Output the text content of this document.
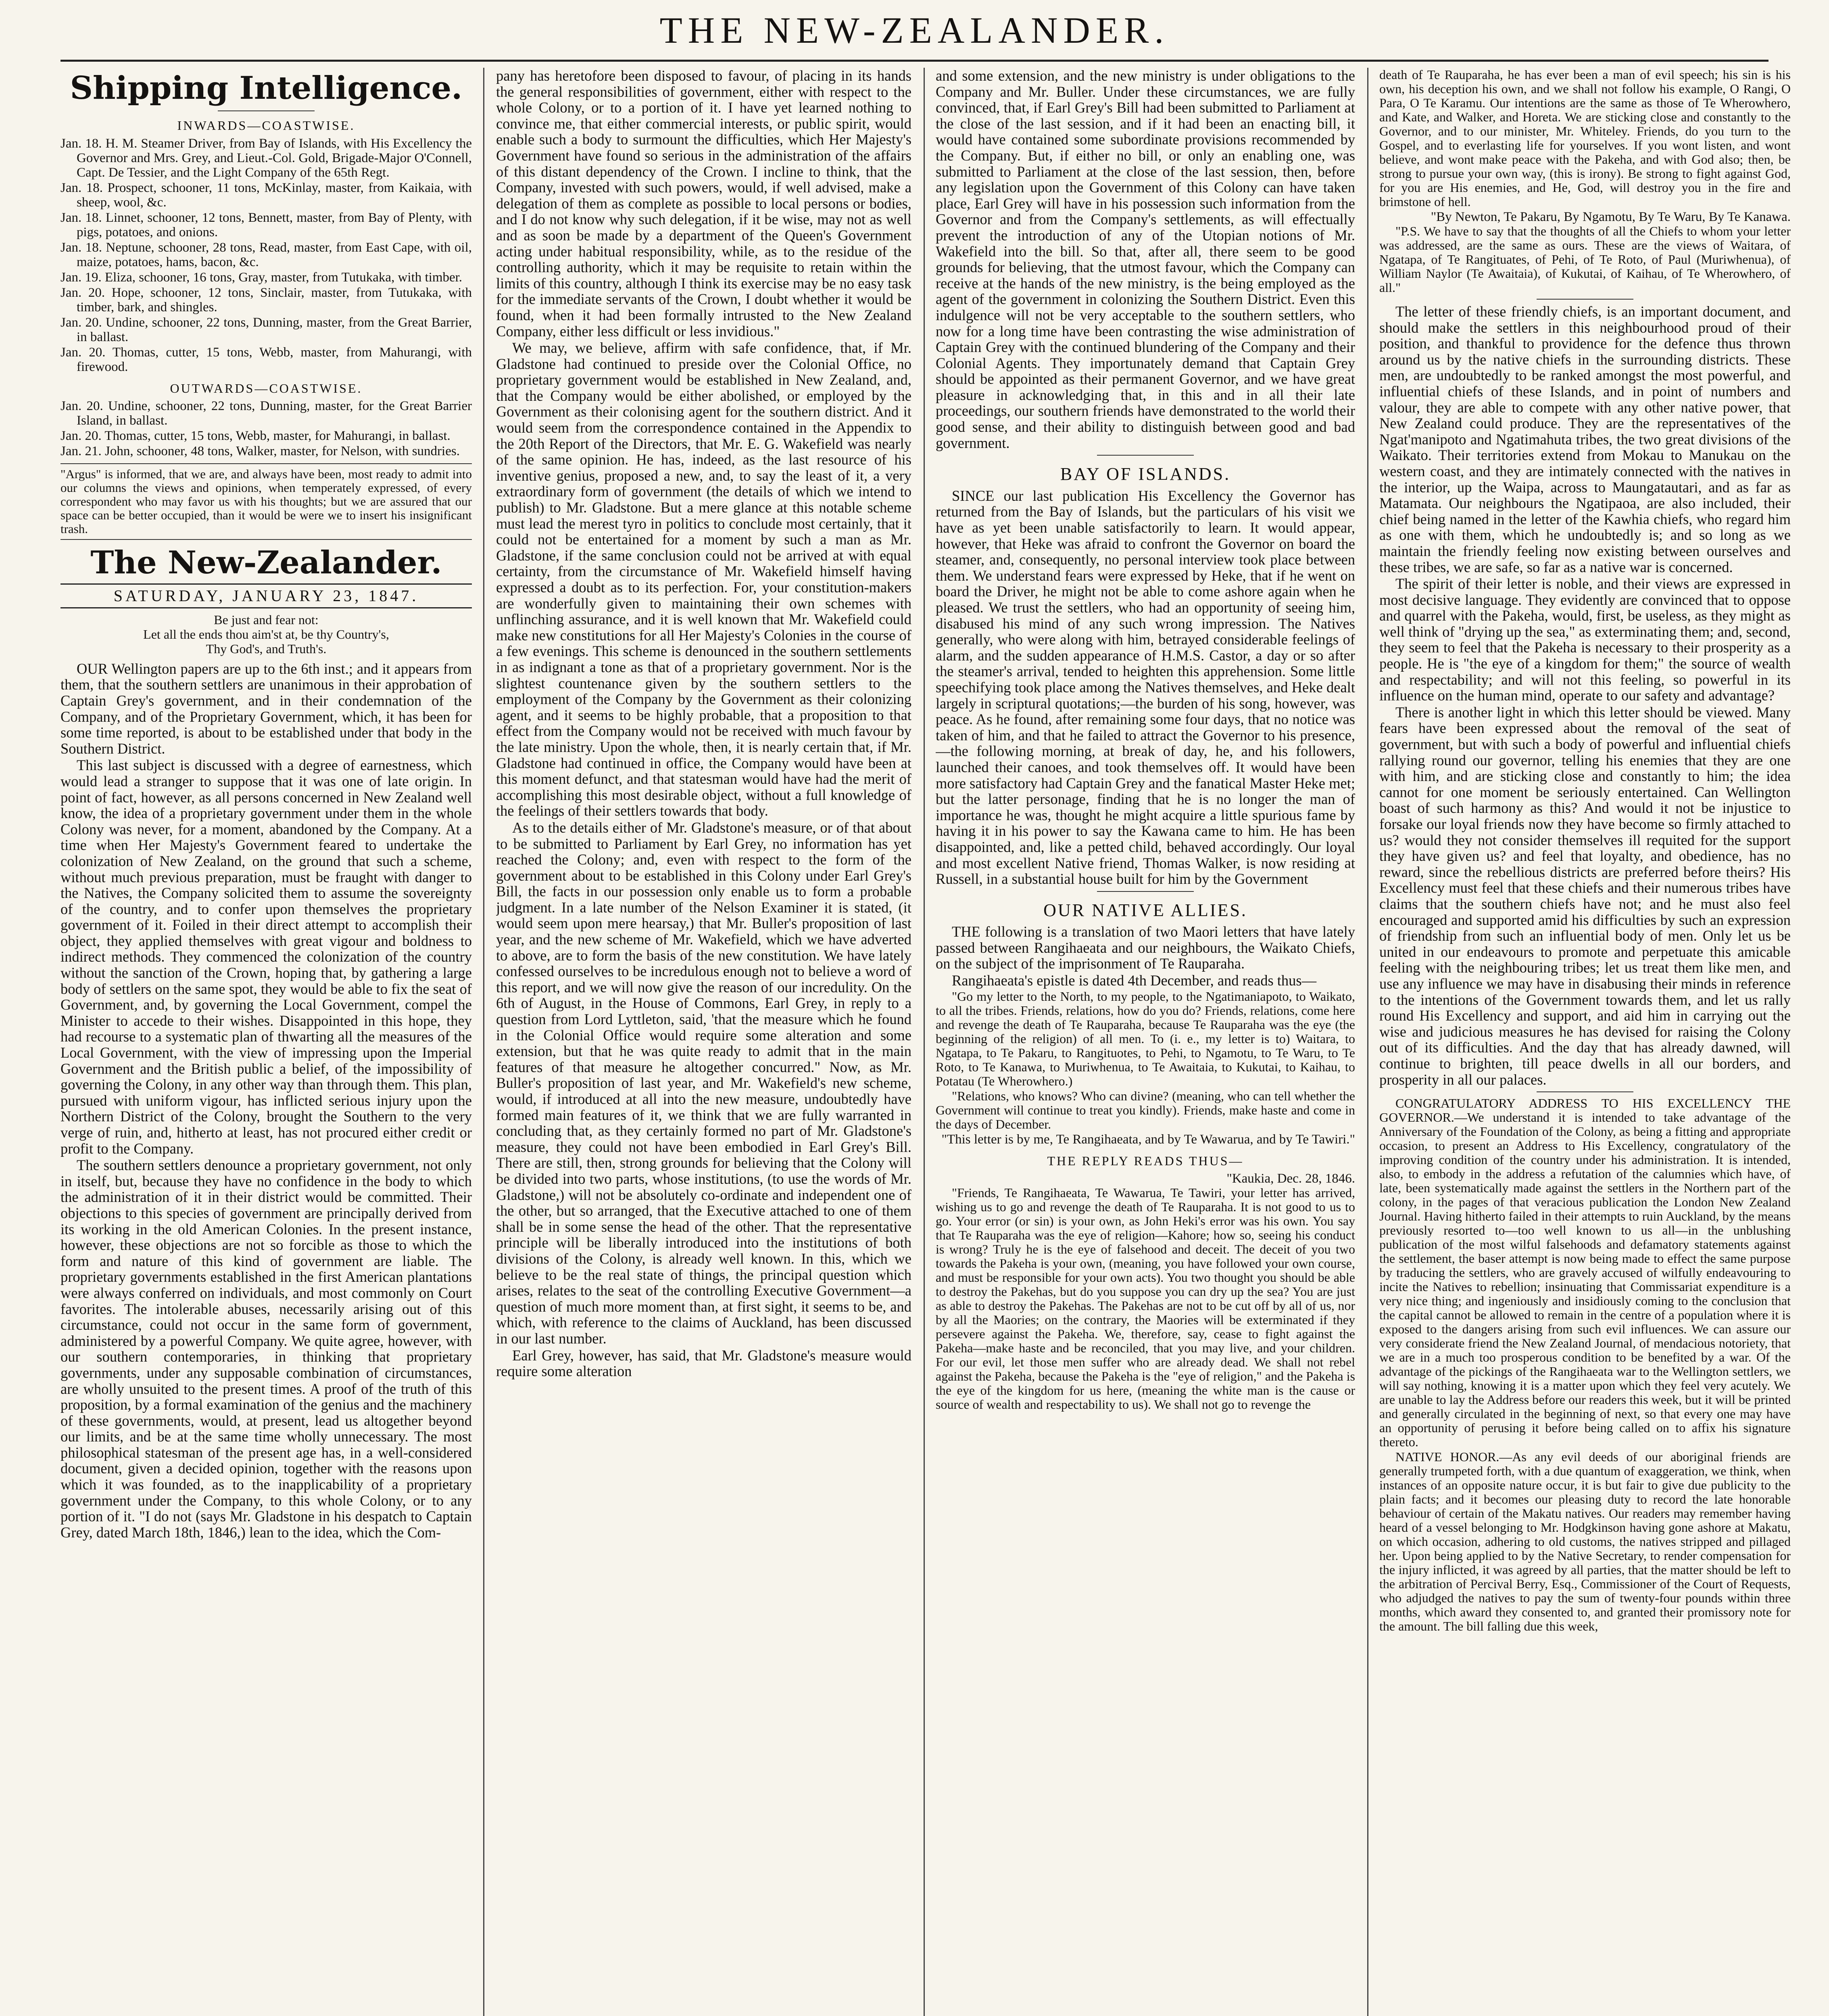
THE NEW-ZEALANDER.
Shipping Intelligence.
INWARDS—COASTWISE.

Jan. 18. H. M. Steamer Driver, from Bay of Islands, with His Excellency the Governor and Mrs. Grey, and Lieut.-Col. Gold, Brigade-Major O'Connell, Capt. De Tessier, and the Light Company of the 65th Regt.

Jan. 18. Prospect, schooner, 11 tons, McKinlay, master, from Kaikaia, with sheep, wool, &c.

Jan. 18. Linnet, schooner, 12 tons, Bennett, master, from Bay of Plenty, with pigs, potatoes, and onions.

Jan. 18. Neptune, schooner, 28 tons, Read, master, from East Cape, with oil, maize, potatoes, hams, bacon, &c.

Jan. 19. Eliza, schooner, 16 tons, Gray, master, from Tutukaka, with timber.

Jan. 20. Hope, schooner, 12 tons, Sinclair, master, from Tutukaka, with timber, bark, and shingles.

Jan. 20. Undine, schooner, 22 tons, Dunning, master, from the Great Barrier, in ballast.

Jan. 20. Thomas, cutter, 15 tons, Webb, master, from Mahurangi, with firewood.

OUTWARDS—COASTWISE.

Jan. 20. Undine, schooner, 22 tons, Dunning, master, for the Great Barrier Island, in ballast.

Jan. 20. Thomas, cutter, 15 tons, Webb, master, for Mahurangi, in ballast.

Jan. 21. John, schooner, 48 tons, Walker, master, for Nelson, with sundries.

"Argus" is informed, that we are, and always have been, most ready to admit into our columns the views and opinions, when temperately expressed, of every correspondent who may favor us with his thoughts; but we are assured that our space can be better occupied, than it would be were we to insert his insignificant trash.
The New-Zealander.
SATURDAY, JANUARY 23, 1847.
Be just and fear not:
Let all the ends thou aim'st at, be thy Country's,
Thy God's, and Truth's.

OUR Wellington papers are up to the 6th inst.; and it appears from them, that the southern settlers are unanimous in their approbation of Captain Grey's government, and in their condemnation of the Company, and of the Proprietary Government, which, it has been for some time reported, is about to be established under that body in the Southern District.

This last subject is discussed with a degree of earnestness, which would lead a stranger to suppose that it was one of late origin. In point of fact, however, as all persons concerned in New Zealand well know, the idea of a proprietary government under them in the whole Colony was never, for a moment, abandoned by the Company. At a time when Her Majesty's Government feared to undertake the colonization of New Zealand, on the ground that such a scheme, without much previous preparation, must be fraught with danger to the Natives, the Company solicited them to assume the sovereignty of the country, and to confer upon themselves the proprietary government of it. Foiled in their direct attempt to accomplish their object, they applied themselves with great vigour and boldness to indirect methods. They commenced the colonization of the country without the sanction of the Crown, hoping that, by gathering a large body of settlers on the same spot, they would be able to fix the seat of Government, and, by governing the Local Government, compel the Minister to accede to their wishes. Disappointed in this hope, they had recourse to a systematic plan of thwarting all the measures of the Local Government, with the view of impressing upon the Imperial Government and the British public a belief, of the impossibility of governing the Colony, in any other way than through them. This plan, pursued with uniform vigour, has inflicted serious injury upon the Northern District of the Colony, brought the Southern to the very verge of ruin, and, hitherto at least, has not procured either credit or profit to the Company.

The southern settlers denounce a proprietary government, not only in itself, but, because they have no confidence in the body to which the administration of it in their district would be committed. Their objections to this species of government are principally derived from its working in the old American Colonies. In the present instance, however, these objections are not so forcible as those to which the form and nature of this kind of government are liable. The proprietary governments established in the first American plantations were always conferred on individuals, and most commonly on Court favorites. The intolerable abuses, necessarily arising out of this circumstance, could not occur in the same form of government, administered by a powerful Company. We quite agree, however, with our southern contemporaries, in thinking that proprietary governments, under any supposable combination of circumstances, are wholly unsuited to the present times. A proof of the truth of this proposition, by a formal examination of the genius and the machinery of these governments, would, at present, lead us altogether beyond our limits, and be at the same time wholly unnecessary. The most philosophical statesman of the present age has, in a well-considered document, given a decided opinion, together with the reasons upon which it was founded, as to the inapplicability of a proprietary government under the Company, to this whole Colony, or to any portion of it. "I do not (says Mr. Gladstone in his despatch to Captain Grey, dated March 18th, 1846,) lean to the idea, which the Com-

pany has heretofore been disposed to favour, of placing in its hands the general responsibilities of government, either with respect to the whole Colony, or to a portion of it. I have yet learned nothing to convince me, that either commercial interests, or public spirit, would enable such a body to surmount the difficulties, which Her Majesty's Government have found so serious in the administration of the affairs of this distant dependency of the Crown. I incline to think, that the Company, invested with such powers, would, if well advised, make a delegation of them as complete as possible to local persons or bodies, and I do not know why such delegation, if it be wise, may not as well and as soon be made by a department of the Queen's Government acting under habitual responsibility, while, as to the residue of the controlling authority, which it may be requisite to retain within the limits of this country, although I think its exercise may be no easy task for the immediate servants of the Crown, I doubt whether it would be found, when it had been formally intrusted to the New Zealand Company, either less difficult or less invidious."

We may, we believe, affirm with safe confidence, that, if Mr. Gladstone had continued to preside over the Colonial Office, no proprietary government would be established in New Zealand, and, that the Company would be either abolished, or employed by the Government as their colonising agent for the southern district. And it would seem from the correspondence contained in the Appendix to the 20th Report of the Directors, that Mr. E. G. Wakefield was nearly of the same opinion. He has, indeed, as the last resource of his inventive genius, proposed a new, and, to say the least of it, a very extraordinary form of government (the details of which we intend to publish) to Mr. Gladstone. But a mere glance at this notable scheme must lead the merest tyro in politics to conclude most certainly, that it could not be entertained for a moment by such a man as Mr. Gladstone, if the same conclusion could not be arrived at with equal certainty, from the circumstance of Mr. Wakefield himself having expressed a doubt as to its perfection. For, your constitution-makers are wonderfully given to maintaining their own schemes with unflinching assurance, and it is well known that Mr. Wakefield could make new constitutions for all Her Majesty's Colonies in the course of a few evenings. This scheme is denounced in the southern settlements in as indignant a tone as that of a proprietary government. Nor is the slightest countenance given by the southern settlers to the employment of the Company by the Government as their colonizing agent, and it seems to be highly probable, that a proposition to that effect from the Company would not be received with much favour by the late ministry. Upon the whole, then, it is nearly certain that, if Mr. Gladstone had continued in office, the Company would have been at this moment defunct, and that statesman would have had the merit of accomplishing this most desirable object, without a full knowledge of the feelings of their settlers towards that body.

As to the details either of Mr. Gladstone's measure, or of that about to be submitted to Parliament by Earl Grey, no information has yet reached the Colony; and, even with respect to the form of the government about to be established in this Colony under Earl Grey's Bill, the facts in our possession only enable us to form a probable judgment. In a late number of the Nelson Examiner it is stated, (it would seem upon mere hearsay,) that Mr. Buller's proposition of last year, and the new scheme of Mr. Wakefield, which we have adverted to above, are to form the basis of the new constitution. We have lately confessed ourselves to be incredulous enough not to believe a word of this report, and we will now give the reason of our incredulity. On the 6th of August, in the House of Commons, Earl Grey, in reply to a question from Lord Lyttleton, said, 'that the measure which he found in the Colonial Office would require some alteration and some extension, but that he was quite ready to admit that in the main features of that measure he altogether concurred." Now, as Mr. Buller's proposition of last year, and Mr. Wakefield's new scheme, would, if introduced at all into the new measure, undoubtedly have formed main features of it, we think that we are fully warranted in concluding that, as they certainly formed no part of Mr. Gladstone's measure, they could not have been embodied in Earl Grey's Bill. There are still, then, strong grounds for believing that the Colony will be divided into two parts, whose institutions, (to use the words of Mr. Gladstone,) will not be absolutely co-ordinate and independent one of the other, but so arranged, that the Executive attached to one of them shall be in some sense the head of the other. That the representative principle will be liberally introduced into the institutions of both divisions of the Colony, is already well known. In this, which we believe to be the real state of things, the principal question which arises, relates to the seat of the controlling Executive Government—a question of much more moment than, at first sight, it seems to be, and which, with reference to the claims of Auckland, has been discussed in our last number.

Earl Grey, however, has said, that Mr. Gladstone's measure would require some alteration

and some extension, and the new ministry is under obligations to the Company and Mr. Buller. Under these circumstances, we are fully convinced, that, if Earl Grey's Bill had been submitted to Parliament at the close of the last session, and if it had been an enacting bill, it would have contained some subordinate provisions recommended by the Company. But, if either no bill, or only an enabling one, was submitted to Parliament at the close of the last session, then, before any legislation upon the Government of this Colony can have taken place, Earl Grey will have in his possession such information from the Governor and from the Company's settlements, as will effectually prevent the introduction of any of the Utopian notions of Mr. Wakefield into the bill. So that, after all, there seem to be good grounds for believing, that the utmost favour, which the Company can receive at the hands of the new ministry, is the being employed as the agent of the government in colonizing the Southern District. Even this indulgence will not be very acceptable to the southern settlers, who now for a long time have been contrasting the wise administration of Captain Grey with the continued blundering of the Company and their Colonial Agents. They importunately demand that Captain Grey should be appointed as their permanent Governor, and we have great pleasure in acknowledging that, in this and in all their late proceedings, our southern friends have demonstrated to the world their good sense, and their ability to distinguish between good and bad government.

BAY OF ISLANDS.

SINCE our last publication His Excellency the Governor has returned from the Bay of Islands, but the particulars of his visit we have as yet been unable satisfactorily to learn. It would appear, however, that Heke was afraid to confront the Governor on board the steamer, and, consequently, no personal interview took place between them. We understand fears were expressed by Heke, that if he went on board the Driver, he might not be able to come ashore again when he pleased. We trust the settlers, who had an opportunity of seeing him, disabused his mind of any such wrong impression. The Natives generally, who were along with him, betrayed considerable feelings of alarm, and the sudden appearance of H.M.S. Castor, a day or so after the steamer's arrival, tended to heighten this apprehension. Some little speechifying took place among the Natives themselves, and Heke dealt largely in scriptural quotations;—the burden of his song, however, was peace. As he found, after remaining some four days, that no notice was taken of him, and that he failed to attract the Governor to his presence,—the following morning, at break of day, he, and his followers, launched their canoes, and took themselves off. It would have been more satisfactory had Captain Grey and the fanatical Master Heke met; but the latter personage, finding that he is no longer the man of importance he was, thought he might acquire a little spurious fame by having it in his power to say the Kawana came to him. He has been disappointed, and, like a petted child, behaved accordingly. Our loyal and most excellent Native friend, Thomas Walker, is now residing at Russell, in a substantial house built for him by the Government

OUR NATIVE ALLIES.

THE following is a translation of two Maori letters that have lately passed between Rangihaeata and our neighbours, the Waikato Chiefs, on the subject of the imprisonment of Te Rauparaha.

Rangihaeata's epistle is dated 4th December, and reads thus—

"Go my letter to the North, to my people, to the Ngatimaniapoto, to Waikato, to all the tribes. Friends, relations, how do you do? Friends, relations, come here and revenge the death of Te Rauparaha, because Te Rauparaha was the eye (the beginning of the religion) of all men. To (i. e., my letter is to) Waitara, to Ngatapa, to Te Pakaru, to Rangituotes, to Pehi, to Ngamotu, to Te Waru, to Te Roto, to Te Kanawa, to Muriwhenua, to Te Awaitaia, to Kukutai, to Kaihau, to Potatau (Te Wherowhero.)

"Relations, who knows? Who can divine? (meaning, who can tell whether the Government will continue to treat you kindly). Friends, make haste and come in the days of December.

"This letter is by me, Te Rangihaeata, and by Te Wawarua, and by Te Tawiri."
THE REPLY READS THUS—
"Kaukia, Dec. 28, 1846.

"Friends, Te Rangihaeata, Te Wawarua, Te Tawiri, your letter has arrived, wishing us to go and revenge the death of Te Rauparaha. It is not good to us to go. Your error (or sin) is your own, as John Heki's error was his own. You say that Te Rauparaha was the eye of religion—Kahore; how so, seeing his conduct is wrong? Truly he is the eye of falsehood and deceit. The deceit of you two towards the Pakeha is your own, (meaning, you have followed your own course, and must be responsible for your own acts). You two thought you should be able to destroy the Pakehas, but do you suppose you can dry up the sea? You are just as able to destroy the Pakehas. The Pakehas are not to be cut off by all of us, nor by all the Maories; on the contrary, the Maories will be exterminated if they persevere against the Pakeha. We, therefore, say, cease to fight against the Pakeha—make haste and be reconciled, that you may live, and your children. For our evil, let those men suffer who are already dead. We shall not rebel against the Pakeha, because the Pakeha is the "eye of religion," and the Pakeha is the eye of the kingdom for us here, (meaning the white man is the cause or source of wealth and respectability to us). We shall not go to revenge the

death of Te Rauparaha, he has ever been a man of evil speech; his sin is his own, his deception his own, and we shall not follow his example, O Rangi, O Para, O Te Karamu. Our intentions are the same as those of Te Wherowhero, and Kate, and Walker, and Horeta. We are sticking close and constantly to the Governor, and to our minister, Mr. Whiteley. Friends, do you turn to the Gospel, and to everlasting life for yourselves. If you wont listen, and wont believe, and wont make peace with the Pakeha, and with God also; then, be strong to pursue your own way, (this is irony). Be strong to fight against God, for you are His enemies, and He, God, will destroy you in the fire and brimstone of hell.

"By Newton, Te Pakaru, By Ngamotu, By Te Waru, By Te Kanawa.

"P.S. We have to say that the thoughts of all the Chiefs to whom your letter was addressed, are the same as ours. These are the views of Waitara, of Ngatapa, of Te Rangituates, of Pehi, of Te Roto, of Paul (Muriwhenua), of William Naylor (Te Awaitaia), of Kukutai, of Kaihau, of Te Wherowhero, of all."

The letter of these friendly chiefs, is an important document, and should make the settlers in this neighbourhood proud of their position, and thankful to providence for the defence thus thrown around us by the native chiefs in the surrounding districts. These men, are undoubtedly to be ranked amongst the most powerful, and influential chiefs of these Islands, and in point of numbers and valour, they are able to compete with any other native power, that New Zealand could produce. They are the representatives of the Ngat'manipoto and Ngatimahuta tribes, the two great divisions of the Waikato. Their territories extend from Mokau to Manukau on the western coast, and they are intimately connected with the natives in the interior, up the Waipa, across to Maungatautari, and as far as Matamata. Our neighbours the Ngatipaoa, are also included, their chief being named in the letter of the Kawhia chiefs, who regard him as one with them, which he undoubtedly is; and so long as we maintain the friendly feeling now existing between ourselves and these tribes, we are safe, so far as a native war is concerned.

The spirit of their letter is noble, and their views are expressed in most decisive language. They evidently are convinced that to oppose and quarrel with the Pakeha, would, first, be useless, as they might as well think of "drying up the sea," as exterminating them; and, second, they seem to feel that the Pakeha is necessary to their prosperity as a people. He is "the eye of a kingdom for them;" the source of wealth and respectability; and will not this feeling, so powerful in its influence on the human mind, operate to our safety and advantage?

There is another light in which this letter should be viewed. Many fears have been expressed about the removal of the seat of government, but with such a body of powerful and influential chiefs rallying round our governor, telling his enemies that they are one with him, and are sticking close and constantly to him; the idea cannot for one moment be seriously entertained. Can Wellington boast of such harmony as this? And would it not be injustice to forsake our loyal friends now they have become so firmly attached to us? would they not consider themselves ill requited for the support they have given us? and feel that loyalty, and obedience, has no reward, since the rebellious districts are preferred before theirs? His Excellency must feel that these chiefs and their numerous tribes have claims that the southern chiefs have not; and he must also feel encouraged and supported amid his difficulties by such an expression of friendship from such an influential body of men. Only let us be united in our endeavours to promote and perpetuate this amicable feeling with the neighbouring tribes; let us treat them like men, and use any influence we may have in disabusing their minds in reference to the intentions of the Government towards them, and let us rally round His Excellency and support, and aid him in carrying out the wise and judicious measures he has devised for raising the Colony out of its difficulties. And the day that has already dawned, will continue to brighten, till peace dwells in all our borders, and prosperity in all our palaces.

CONGRATULATORY ADDRESS TO HIS EXCELLENCY THE GOVERNOR.—We understand it is intended to take advantage of the Anniversary of the Foundation of the Colony, as being a fitting and appropriate occasion, to present an Address to His Excellency, congratulatory of the improving condition of the country under his administration. It is intended, also, to embody in the address a refutation of the calumnies which have, of late, been systematically made against the settlers in the Northern part of the colony, in the pages of that veracious publication the London New Zealand Journal. Having hitherto failed in their attempts to ruin Auckland, by the means previously resorted to—too well known to us all—in the unblushing publication of the most wilful falsehoods and defamatory statements against the settlement, the baser attempt is now being made to effect the same purpose by traducing the settlers, who are gravely accused of wilfully endeavouring to incite the Natives to rebellion; insinuating that Commissariat expenditure is a very nice thing; and ingeniously and insidiously coming to the conclusion that the capital cannot be allowed to remain in the centre of a population where it is exposed to the dangers arising from such evil influences. We can assure our very considerate friend the New Zealand Journal, of mendacious notoriety, that we are in a much too prosperous condition to be benefited by a war. Of the advantage of the pickings of the Rangihaeata war to the Wellington settlers, we will say nothing, knowing it is a matter upon which they feel very acutely. We are unable to lay the Address before our readers this week, but it will be printed and generally circulated in the beginning of next, so that every one may have an opportunity of perusing it before being called on to affix his signature thereto.

NATIVE HONOR.—As any evil deeds of our aboriginal friends are generally trumpeted forth, with a due quantum of exaggeration, we think, when instances of an opposite nature occur, it is but fair to give due publicity to the plain facts; and it becomes our pleasing duty to record the late honorable behaviour of certain of the Makatu natives. Our readers may remember having heard of a vessel belonging to Mr. Hodgkinson having gone ashore at Makatu, on which occasion, adhering to old customs, the natives stripped and pillaged her. Upon being applied to by the Native Secretary, to render compensation for the injury inflicted, it was agreed by all parties, that the matter should be left to the arbitration of Percival Berry, Esq., Commissioner of the Court of Requests, who adjudged the natives to pay the sum of twenty-four pounds within three months, which award they consented to, and granted their promissory note for the amount. The bill falling due this week,
